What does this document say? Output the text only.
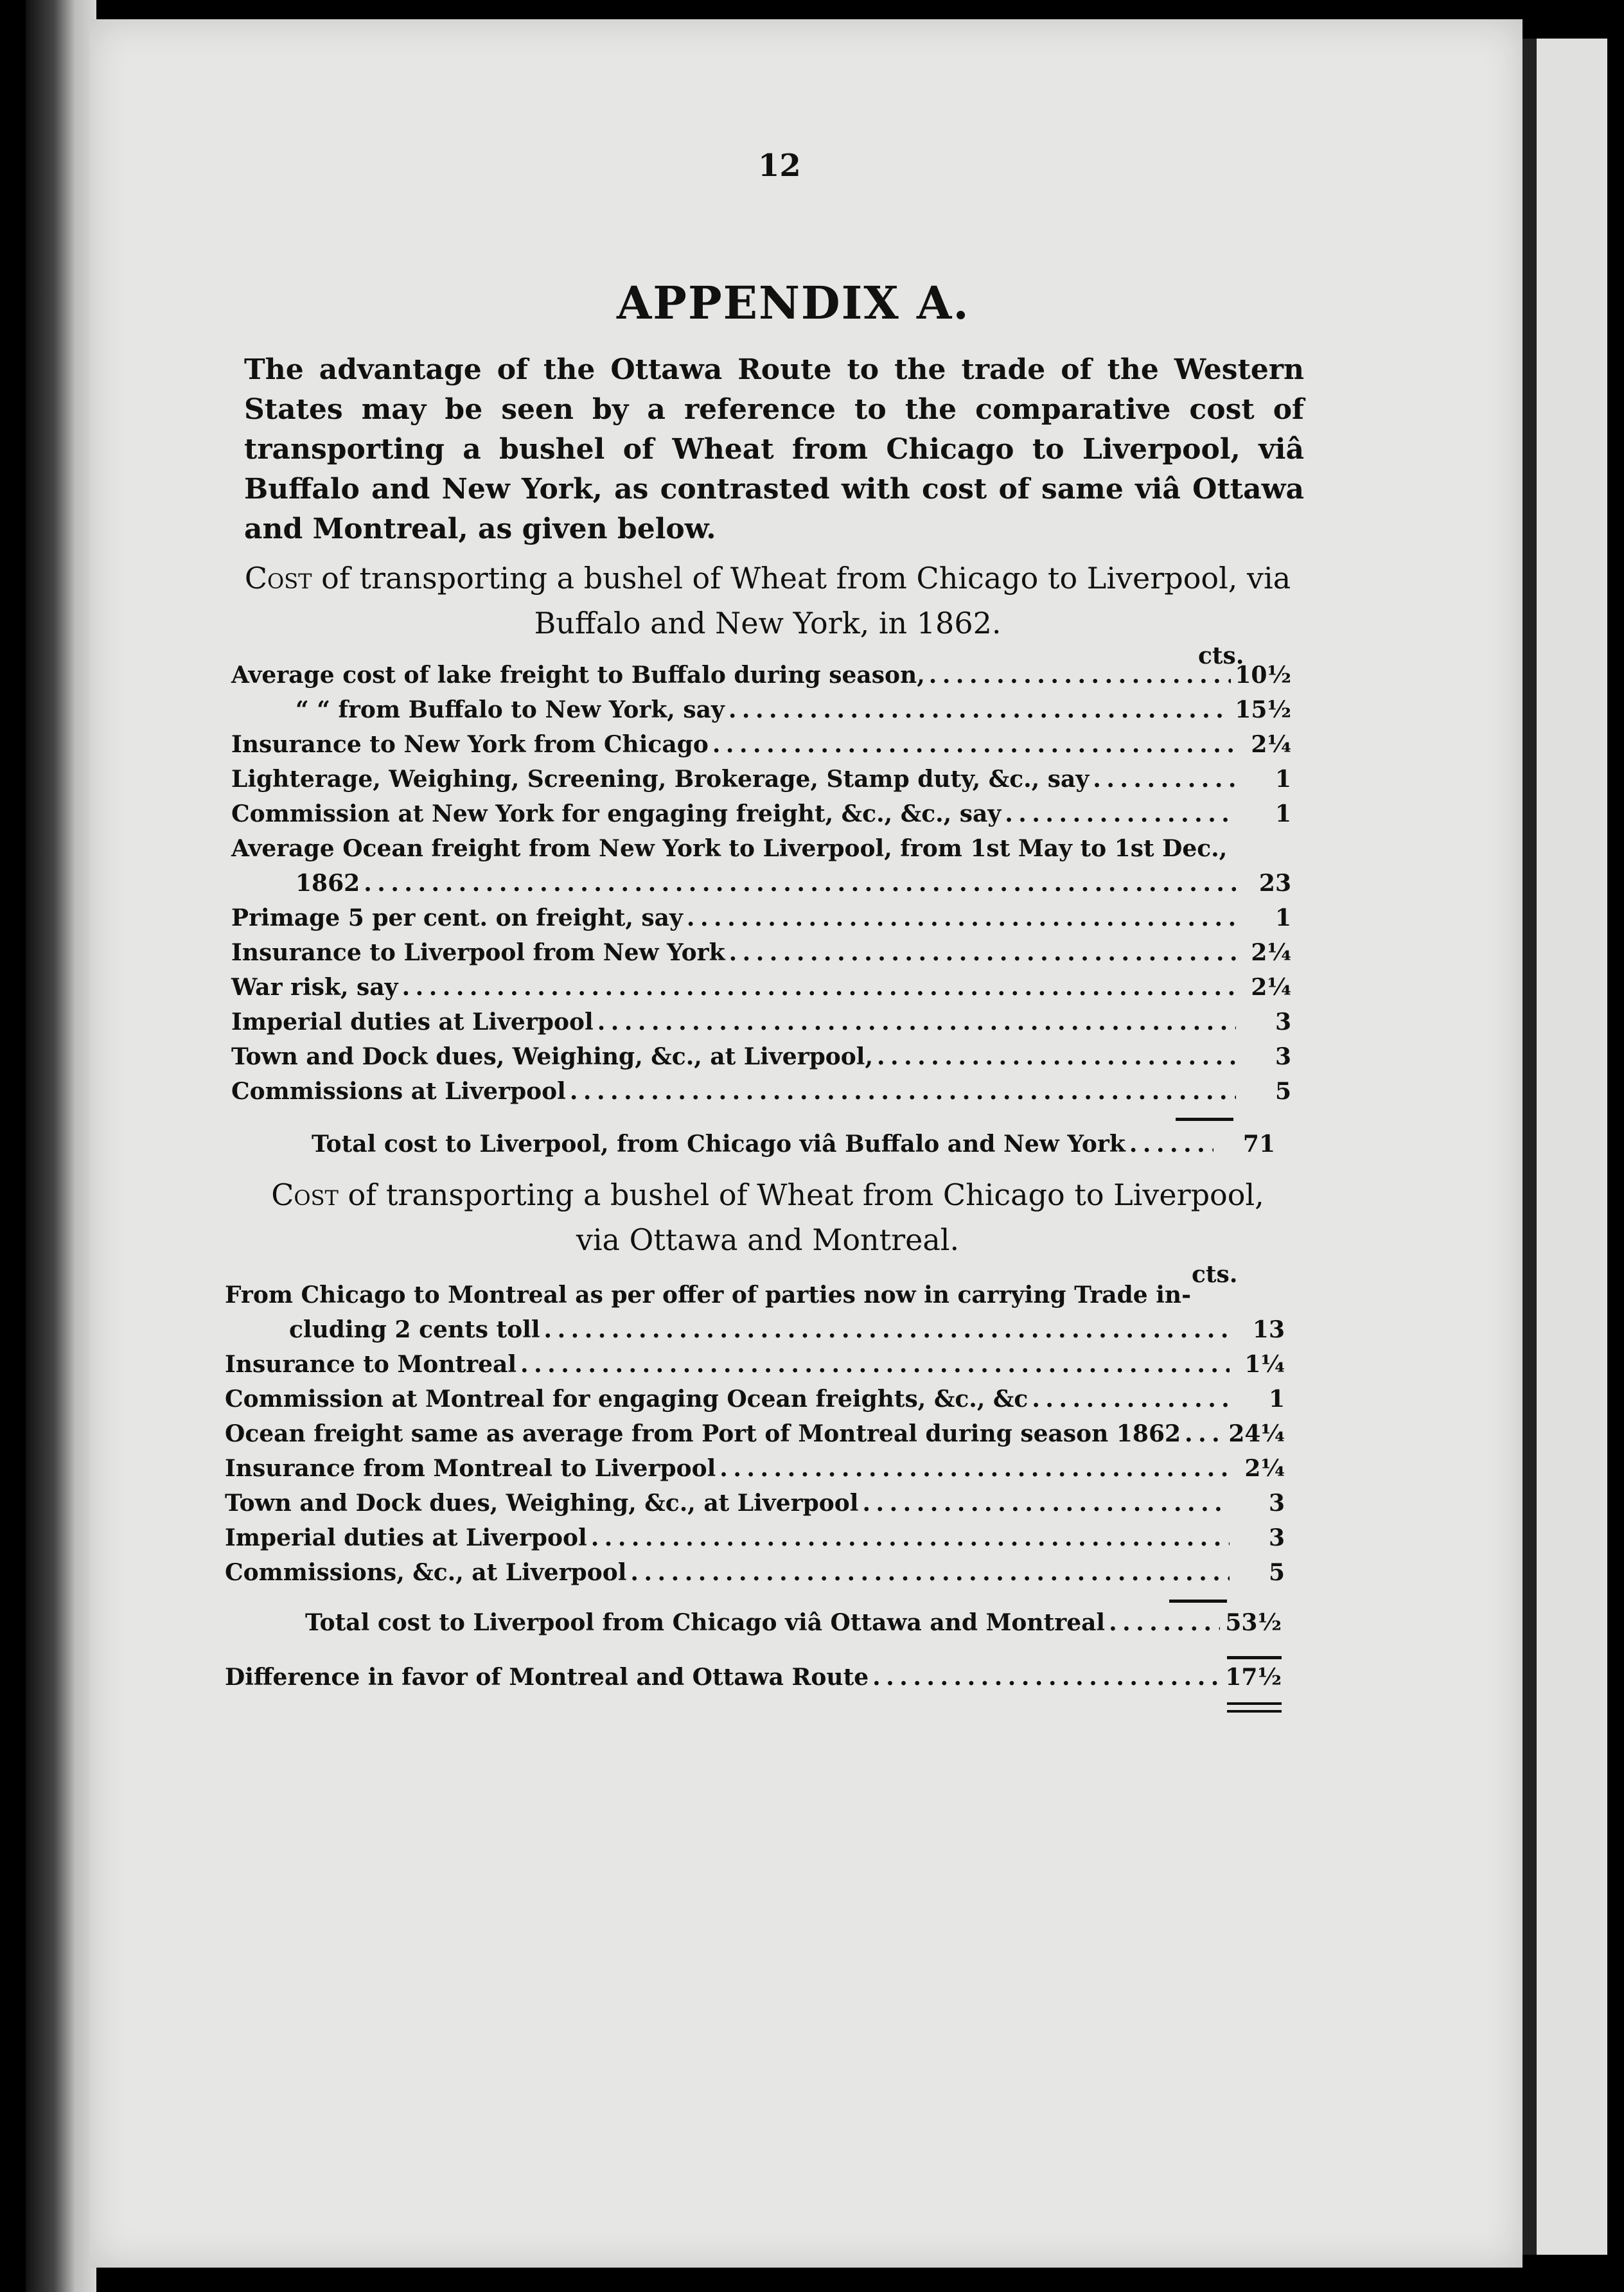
12
APPENDIX A.
The advantage of the Ottawa Route to the trade of the Western States may be seen by a reference to the comparative cost of transporting a bushel of Wheat from Chicago to Liverpool, viâ Buffalo and New York, as contrasted with cost of same viâ Ottawa and Montreal, as given below.
Cost of transporting a bushel of Wheat from Chicago to Liverpool, via
Buffalo and New York, in 1862.
cts.
Average cost of lake freight to Buffalo during season, . . .	10½
“ “ from Buffalo to New York, say . . .	15½
Insurance to New York from Chicago . . .	2¼
Lighterage, Weighing, Screening, Brokerage, Stamp duty, &c., say . . .	1
Commission at New York for engaging freight, &c., &c., say . . .	1
Average Ocean freight from New York to Liverpool, from 1st May to 1st Dec.,
1862 . . .	23
Primage 5 per cent. on freight, say . . .	1
Insurance to Liverpool from New York . . .	2¼
War risk, say . . .	2¼
Imperial duties at Liverpool . . .	3
Town and Dock dues, Weighing, &c., at Liverpool, . . .	3
Commissions at Liverpool . . .	5
Total cost to Liverpool, from Chicago viâ Buffalo and New York . . .	71
Cost of transporting a bushel of Wheat from Chicago to Liverpool,
via Ottawa and Montreal.
cts.
From Chicago to Montreal as per offer of parties now in carrying Trade in-
cluding 2 cents toll . . .	13
Insurance to Montreal . . .	1¼
Commission at Montreal for engaging Ocean freights, &c., &c . . .	1
Ocean freight same as average from Port of Montreal during season 1862 . . . 24¼
Insurance from Montreal to Liverpool . . .	2¼
Town and Dock dues, Weighing, &c., at Liverpool . . .	3
Imperial duties at Liverpool . . .	3
Commissions, &c., at Liverpool . . .	5
Total cost to Liverpool from Chicago viâ Ottawa and Montreal . . .	53½
Difference in favor of Montreal and Ottawa Route . . .	17½
